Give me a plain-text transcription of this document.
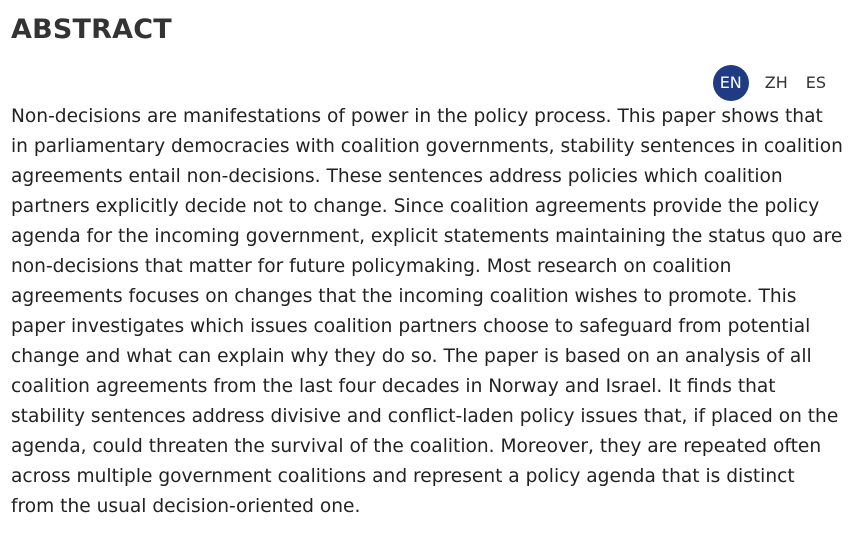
ABSTRACT
EN	ZH	ES

Non-decisions are manifestations of power in the policy process. This paper shows that in parliamentary democracies with coalition governments, stability sentences in coalition agreements entail non-decisions. These sentences address policies which coalition partners explicitly decide not to change. Since coalition agreements provide the policy agenda for the incoming government, explicit statements maintaining the status quo are non-decisions that matter for future policymaking. Most research on coalition agreements focuses on changes that the incoming coalition wishes to promote. This paper investigates which issues coalition partners choose to safeguard from potential change and what can explain why they do so. The paper is based on an analysis of all coalition agreements from the last four decades in Norway and Israel. It finds that stability sentences address divisive and conflict-laden policy issues that, if placed on the agenda, could threaten the survival of the coalition. Moreover, they are repeated often across multiple government coalitions and represent a policy agenda that is distinct from the usual decision-oriented one.
